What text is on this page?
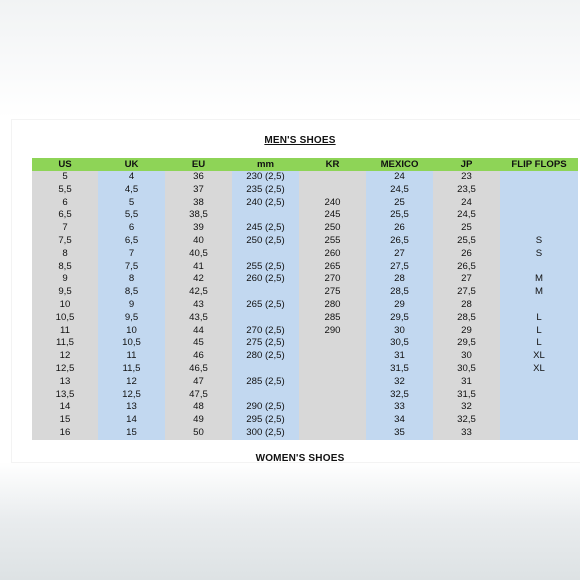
MEN'S SHOES
US	UK	EU	mm	KR	MEXICO	JP	FLIP FLOPS
5	4	36	230 (2,5)		24	23	
5,5	4,5	37	235 (2,5)		24,5	23,5	
6	5	38	240 (2,5)	240	25	24	
6,5	5,5	38,5		245	25,5	24,5	
7	6	39	245 (2,5)	250	26	25	
7,5	6,5	40	250 (2,5)	255	26,5	25,5	S
8	7	40,5		260	27	26	S
8,5	7,5	41	255 (2,5)	265	27,5	26,5	
9	8	42	260 (2,5)	270	28	27	M
9,5	8,5	42,5		275	28,5	27,5	M
10	9	43	265 (2,5)	280	29	28	
10,5	9,5	43,5		285	29,5	28,5	L
11	10	44	270 (2,5)	290	30	29	L
11,5	10,5	45	275 (2,5)		30,5	29,5	L
12	11	46	280 (2,5)		31	30	XL
12,5	11,5	46,5			31,5	30,5	XL
13	12	47	285 (2,5)		32	31	
13,5	12,5	47,5			32,5	31,5	
14	13	48	290 (2,5)		33	32	
15	14	49	295 (2,5)		34	32,5	
16	15	50	300 (2,5)		35	33	
WOMEN'S SHOES
